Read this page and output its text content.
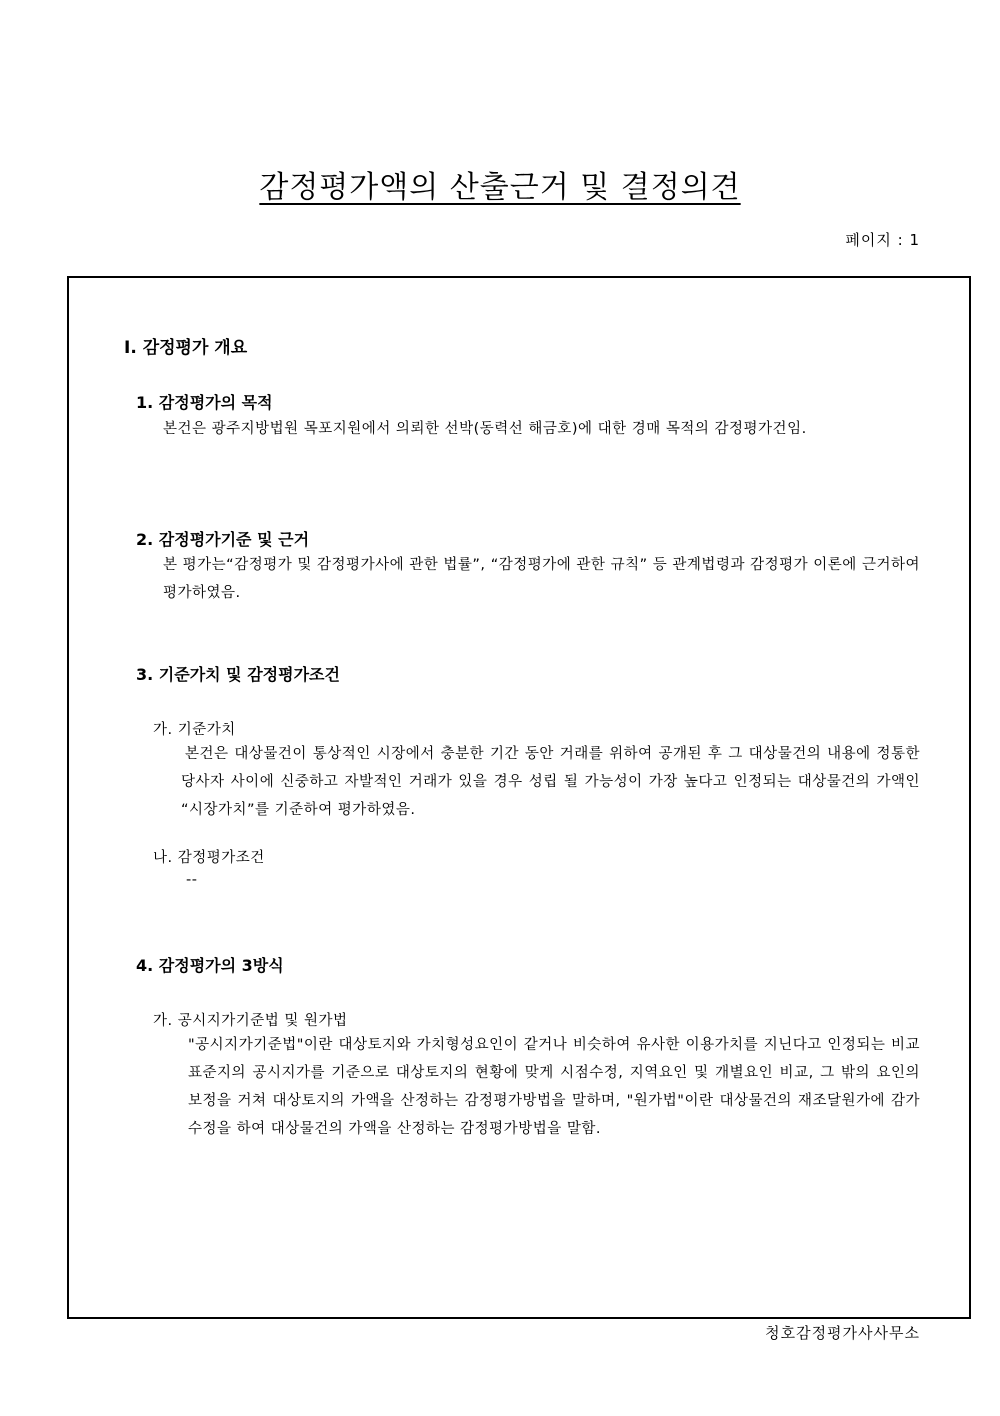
감정평가액의 산출근거 및 결정의견
페이지 : 1
Ⅰ. 감정평가 개요
1. 감정평가의 목적
본건은 광주지방법원 목포지원에서 의뢰한 선박(동력선 해금호)에 대한 경매 목적의 감정평가건임.
2. 감정평가기준 및 근거
본 평가는“감정평가 및 감정평가사에 관한 법률”, “감정평가에 관한 규칙” 등 관계법령과 감정평가 이론에 근거하여 평가하였음.
3. 기준가치 및 감정평가조건
가. 기준가치
본건은 대상물건이 통상적인 시장에서 충분한 기간 동안 거래를 위하여 공개된 후 그 대상물건의 내용에 정통한 당사자 사이에 신중하고 자발적인 거래가 있을 경우 성립 될 가능성이 가장 높다고 인정되는 대상물건의 가액인 “시장가치”를 기준하여 평가하였음.
나. 감정평가조건
--
4. 감정평가의 3방식
가. 공시지가기준법 및 원가법
"공시지가기준법"이란 대상토지와 가치형성요인이 같거나 비슷하여 유사한 이용가치를 지닌다고 인정되는 비교표준지의 공시지가를 기준으로 대상토지의 현황에 맞게 시점수정, 지역요인 및 개별요인 비교, 그 밖의 요인의 보정을 거쳐 대상토지의 가액을 산정하는 감정평가방법을 말하며, "원가법"이란 대상물건의 재조달원가에 감가수정을 하여 대상물건의 가액을 산정하는 감정평가방법을 말함.
청호감정평가사사무소
